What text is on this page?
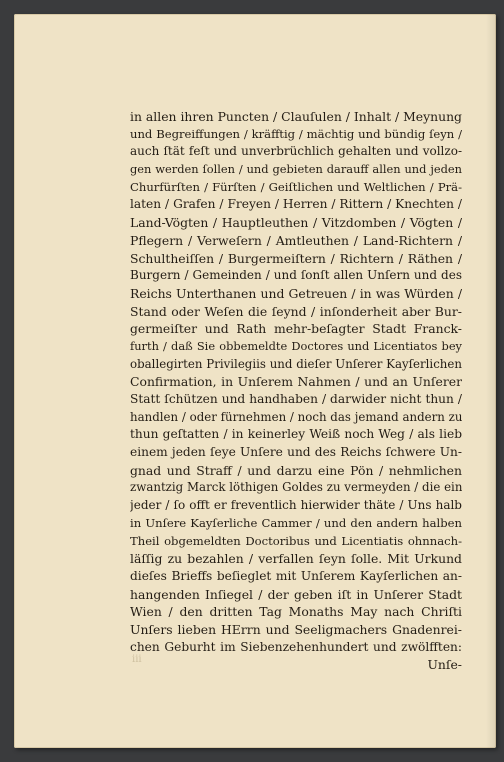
in allen ihren Puncten / Clauſulen / Inhalt / Meynung
und Begreiffungen / kräfftig / mächtig und bündig ſeyn /
auch ſtät feſt und unverbrüchlich gehalten und vollzo-
gen werden ſollen / und gebieten darauff allen und jeden
Churfürſten / Fürſten / Geiſtlichen und Weltlichen / Prä-
laten / Grafen / Freyen / Herren / Rittern / Knechten /
Land-Vögten / Hauptleuthen / Vitzdomben / Vögten /
Pflegern / Verweſern / Amtleuthen / Land-Richtern /
Schultheiſſen / Burgermeiſtern / Richtern / Räthen /
Burgern / Gemeinden / und ſonſt allen Unſern und des
Reichs Unterthanen und Getreuen / in was Würden /
Stand oder Weſen die ſeynd / inſonderheit aber Bur-
germeiſter und Rath mehr-beſagter Stadt Franck-
furth / daß Sie obbemeldte Doctores und Licentiatos bey
oballegirten Privilegiis und dieſer Unſerer Kayſerlichen
Confirmation, in Unſerem Nahmen / und an Unſerer
Statt ſchützen und handhaben / darwider nicht thun /
handlen / oder fürnehmen / noch das jemand andern zu
thun geſtatten / in keinerley Weiß noch Weg / als lieb
einem jeden ſeye Unſere und des Reichs ſchwere Un-
gnad und Straff / und darzu eine Pön / nehmlichen
zwantzig Marck löthigen Goldes zu vermeyden / die ein
jeder / ſo offt er freventlich hierwider thäte / Uns halb
in Unſere Kayſerliche Cammer / und den andern halben
Theil obgemeldten Doctoribus und Licentiatis ohnnach-
läſſig zu bezahlen / verfallen ſeyn ſolle. Mit Urkund
dieſes Brieffs beſieglet mit Unſerem Kayſerlichen an-
hangenden Inſiegel / der geben iſt in Unſerer Stadt
Wien / den dritten Tag Monaths May nach Chriſti
Unſers lieben HErrn und Seeligmachers Gnadenrei-
chen Geburht im Siebenzehenhundert und zwölfften:
Unſe-
iii
